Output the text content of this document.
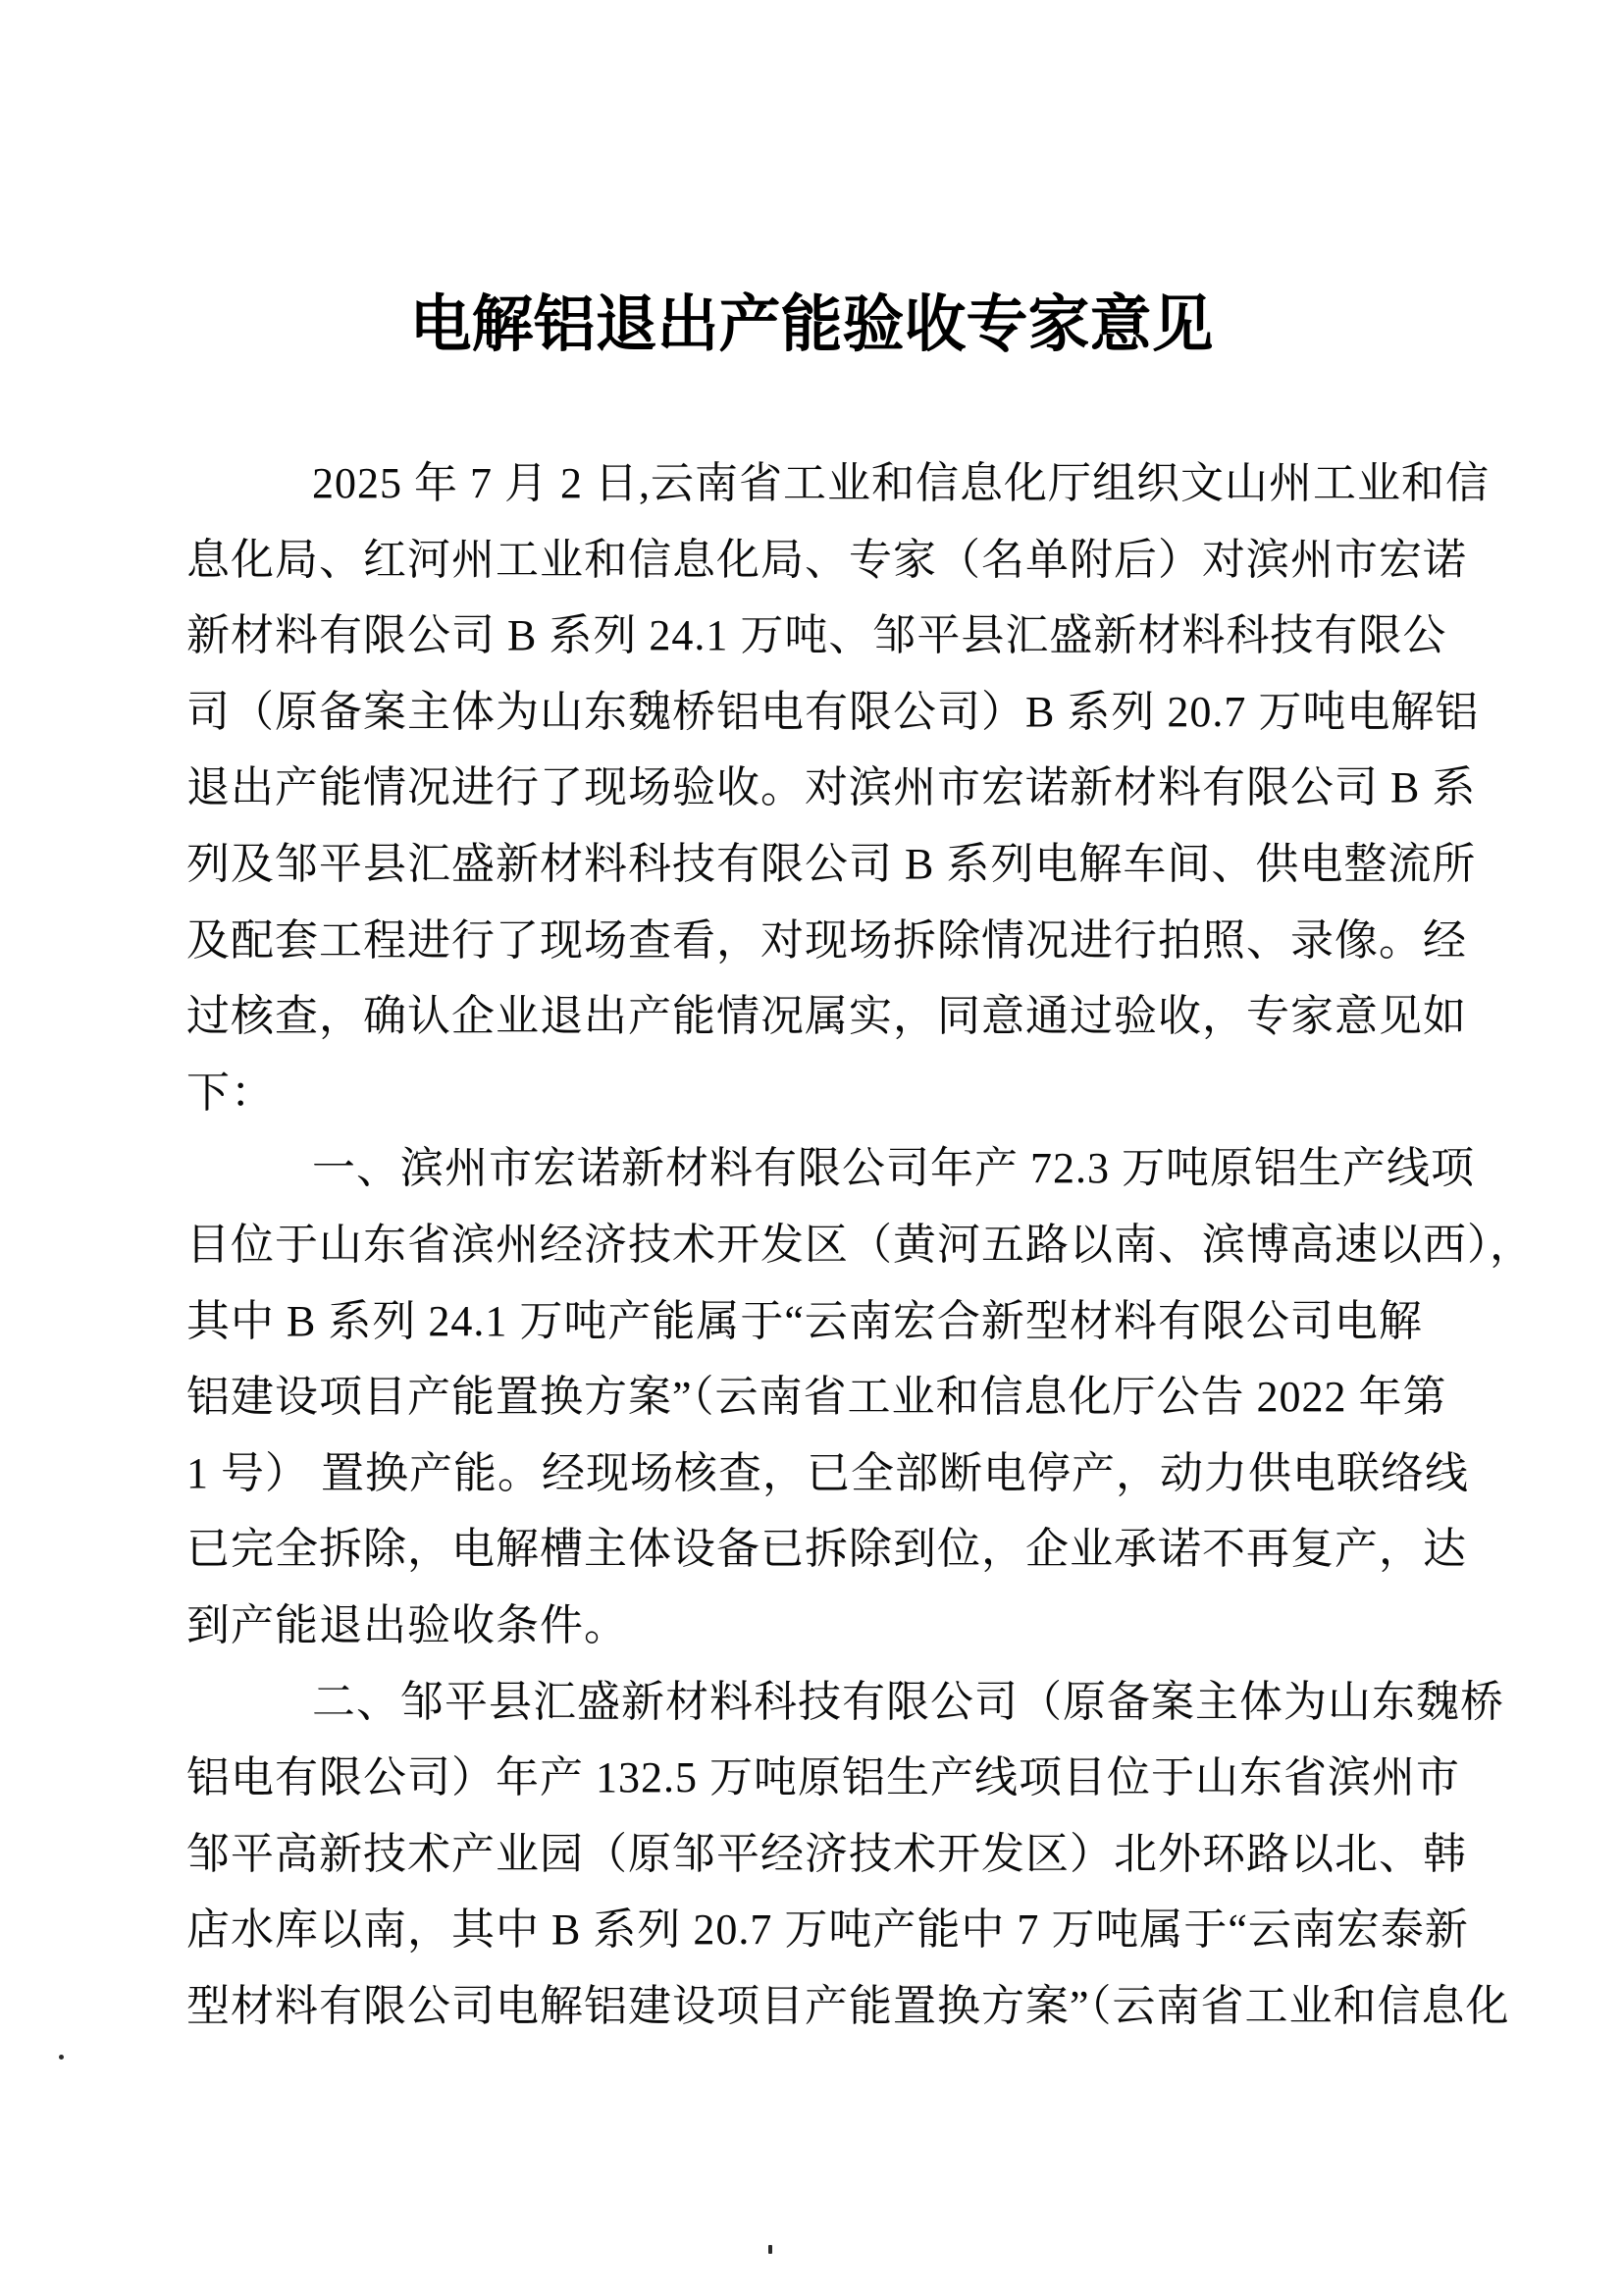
电解铝退出产能验收专家意见
2025 年 7 月 2 日,云南省工业和信息化厅组织文山州工业和信
息化局、红河州工业和信息化局、专家（名单附后）对滨州市宏诺
新材料有限公司 B 系列 24.1 万吨、邹平县汇盛新材料科技有限公
司（原备案主体为山东魏桥铝电有限公司）B 系列 20.7 万吨电解铝
退出产能情况进行了现场验收。对滨州市宏诺新材料有限公司 B 系
列及邹平县汇盛新材料科技有限公司 B 系列电解车间、供电整流所
及配套工程进行了现场查看，对现场拆除情况进行拍照、录像。经
过核查，确认企业退出产能情况属实，同意通过验收，专家意见如
下：
一、滨州市宏诺新材料有限公司年产 72.3 万吨原铝生产线项
目位于山东省滨州经济技术开发区（黄河五路以南、滨博高速以西），
其中 B 系列 24.1 万吨产能属于“云南宏合新型材料有限公司电解
铝建设项目产能置换方案”（云南省工业和信息化厅公告 2022 年第
1 号） 置换产能。经现场核查，已全部断电停产，动力供电联络线
已完全拆除，电解槽主体设备已拆除到位，企业承诺不再复产，达
到产能退出验收条件。
二、邹平县汇盛新材料科技有限公司（原备案主体为山东魏桥
铝电有限公司）年产 132.5 万吨原铝生产线项目位于山东省滨州市
邹平高新技术产业园（原邹平经济技术开发区）北外环路以北、韩
店水库以南，其中 B 系列 20.7 万吨产能中 7 万吨属于“云南宏泰新
型材料有限公司电解铝建设项目产能置换方案”（云南省工业和信息化
